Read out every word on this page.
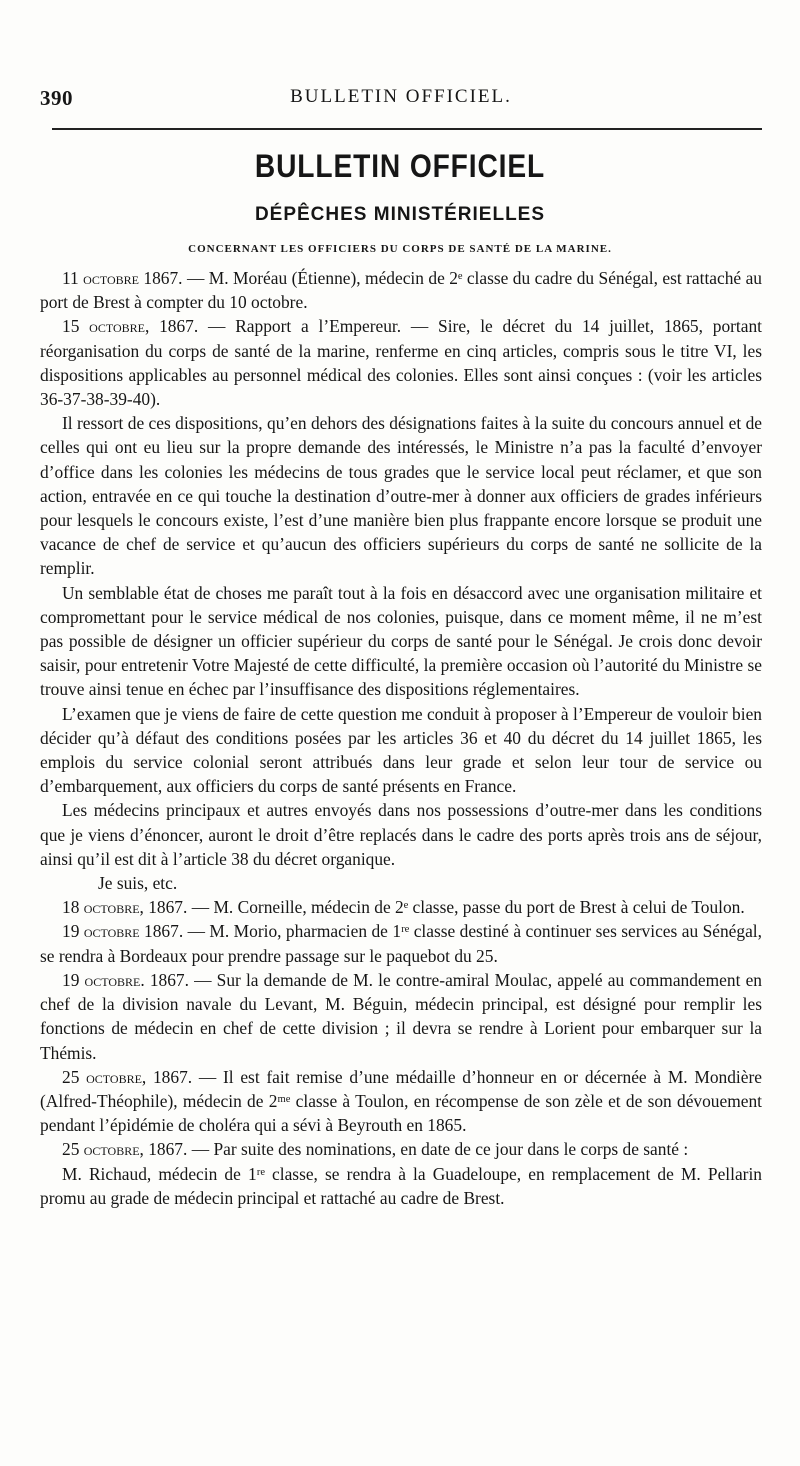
390	BULLETIN OFFICIEL.
BULLETIN OFFICIEL
DÉPÊCHES MINISTÉRIELLES
CONCERNANT LES OFFICIERS DU CORPS DE SANTÉ DE LA MARINE.

11 octobre 1867. — M. Moréau (Étienne), médecin de 2ᵉ classe du cadre du Sénégal, est rattaché au port de Brest à compter du 10 octobre.

15 octobre, 1867. — Rapport a l’Empereur. — Sire, le décret du 14 juillet, 1865, portant réorganisation du corps de santé de la marine, renferme en cinq articles, compris sous le titre VI, les dispositions applicables au personnel médical des colonies. Elles sont ainsi conçues : (voir les articles 36-37-38-39-40).

Il ressort de ces dispositions, qu’en dehors des désignations faites à la suite du concours annuel et de celles qui ont eu lieu sur la propre demande des intéressés, le Ministre n’a pas la faculté d’envoyer d’office dans les colonies les médecins de tous grades que le service local peut réclamer, et que son action, entravée en ce qui touche la destination d’outre-mer à donner aux officiers de grades inférieurs pour lesquels le concours existe, l’est d’une manière bien plus frappante encore lorsque se produit une vacance de chef de service et qu’aucun des officiers supérieurs du corps de santé ne sollicite de la remplir.

Un semblable état de choses me paraît tout à la fois en désaccord avec une organisation militaire et compromettant pour le service médical de nos colonies, puisque, dans ce moment même, il ne m’est pas possible de désigner un officier supérieur du corps de santé pour le Sénégal. Je crois donc devoir saisir, pour entretenir Votre Majesté de cette difficulté, la première occasion où l’autorité du Ministre se trouve ainsi tenue en échec par l’insuffisance des dispositions réglementaires.

L’examen que je viens de faire de cette question me conduit à proposer à l’Empereur de vouloir bien décider qu’à défaut des conditions posées par les articles 36 et 40 du décret du 14 juillet 1865, les emplois du service colonial seront attribués dans leur grade et selon leur tour de service ou d’embarquement, aux officiers du corps de santé présents en France.

Les médecins principaux et autres envoyés dans nos possessions d’outre-mer dans les conditions que je viens d’énoncer, auront le droit d’être replacés dans le cadre des ports après trois ans de séjour, ainsi qu’il est dit à l’article 38 du décret organique.

Je suis, etc.

18 octobre, 1867. — M. Corneille, médecin de 2ᵉ classe, passe du port de Brest à celui de Toulon.

19 octobre 1867. — M. Morio, pharmacien de 1ʳᵉ classe destiné à continuer ses services au Sénégal, se rendra à Bordeaux pour prendre passage sur le paquebot du 25.

19 octobre. 1867. — Sur la demande de M. le contre-amiral Moulac, appelé au commandement en chef de la division navale du Levant, M. Béguin, médecin principal, est désigné pour remplir les fonctions de médecin en chef de cette division ; il devra se rendre à Lorient pour embarquer sur la Thémis.

25 octobre, 1867. — Il est fait remise d’une médaille d’honneur en or décernée à M. Mondière (Alfred-Théophile), médecin de 2ᵐᵉ classe à Toulon, en récompense de son zèle et de son dévouement pendant l’épidémie de choléra qui a sévi à Beyrouth en 1865.

25 octobre, 1867. — Par suite des nominations, en date de ce jour dans le corps de santé :

M. Richaud, médecin de 1ʳᵉ classe, se rendra à la Guadeloupe, en remplacement de M. Pellarin promu au grade de médecin principal et rattaché au cadre de Brest.
